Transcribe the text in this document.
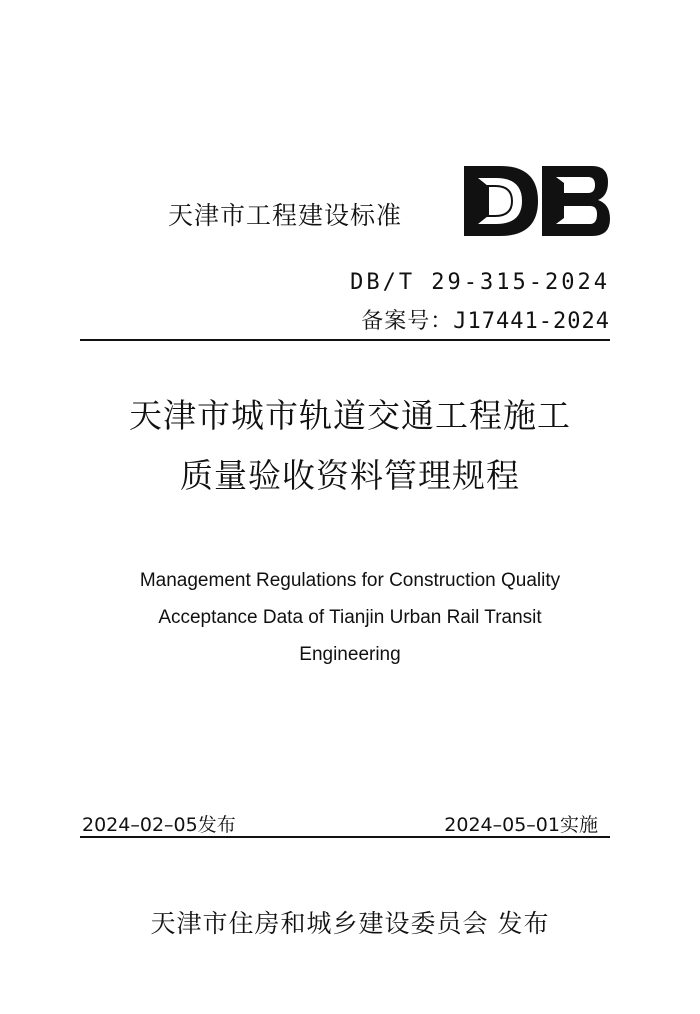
天津市工程建设标准
DB/T 29-315-2024
备案号：J17441-2024
天津市城市轨道交通工程施工
质量验收资料管理规程
Management Regulations for Construction Quality
Acceptance Data of Tianjin Urban Rail Transit
Engineering
2024–02–05发布	2024–05–01实施
天津市住房和城乡建设委员会 发布
